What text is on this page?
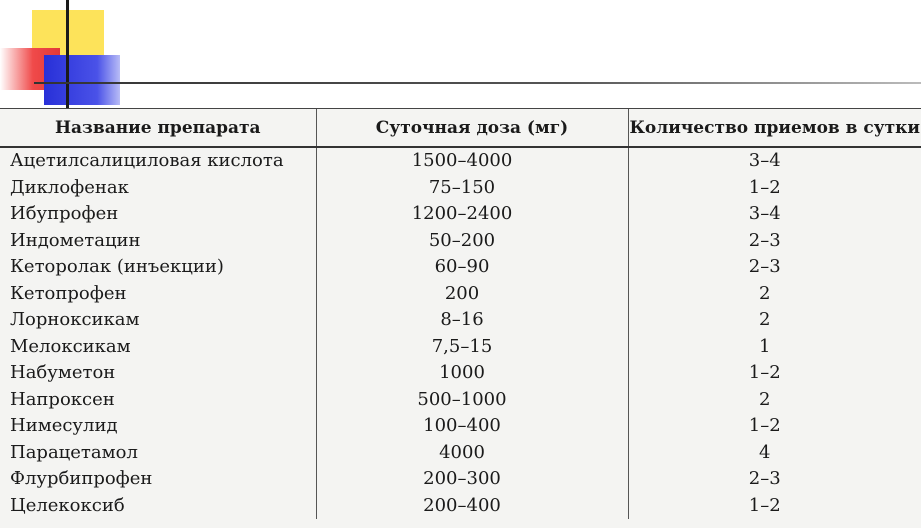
Название препарата	Суточная доза (мг)	Количество приемов в сутки
Ацетилсалициловая кислота	1500–4000	3–4
Диклофенак	75–150	1–2
Ибупрофен	1200–2400	3–4
Индометацин	50–200	2–3
Кеторолак (инъекции)	60–90	2–3
Кетопрофен	200	2
Лорноксикам	8–16	2
Мелоксикам	7,5–15	1
Набуметон	1000	1–2
Напроксен	500–1000	2
Нимесулид	100–400	1–2
Парацетамол	4000	4
Флурбипрофен	200–300	2–3
Целекоксиб	200–400	1–2
